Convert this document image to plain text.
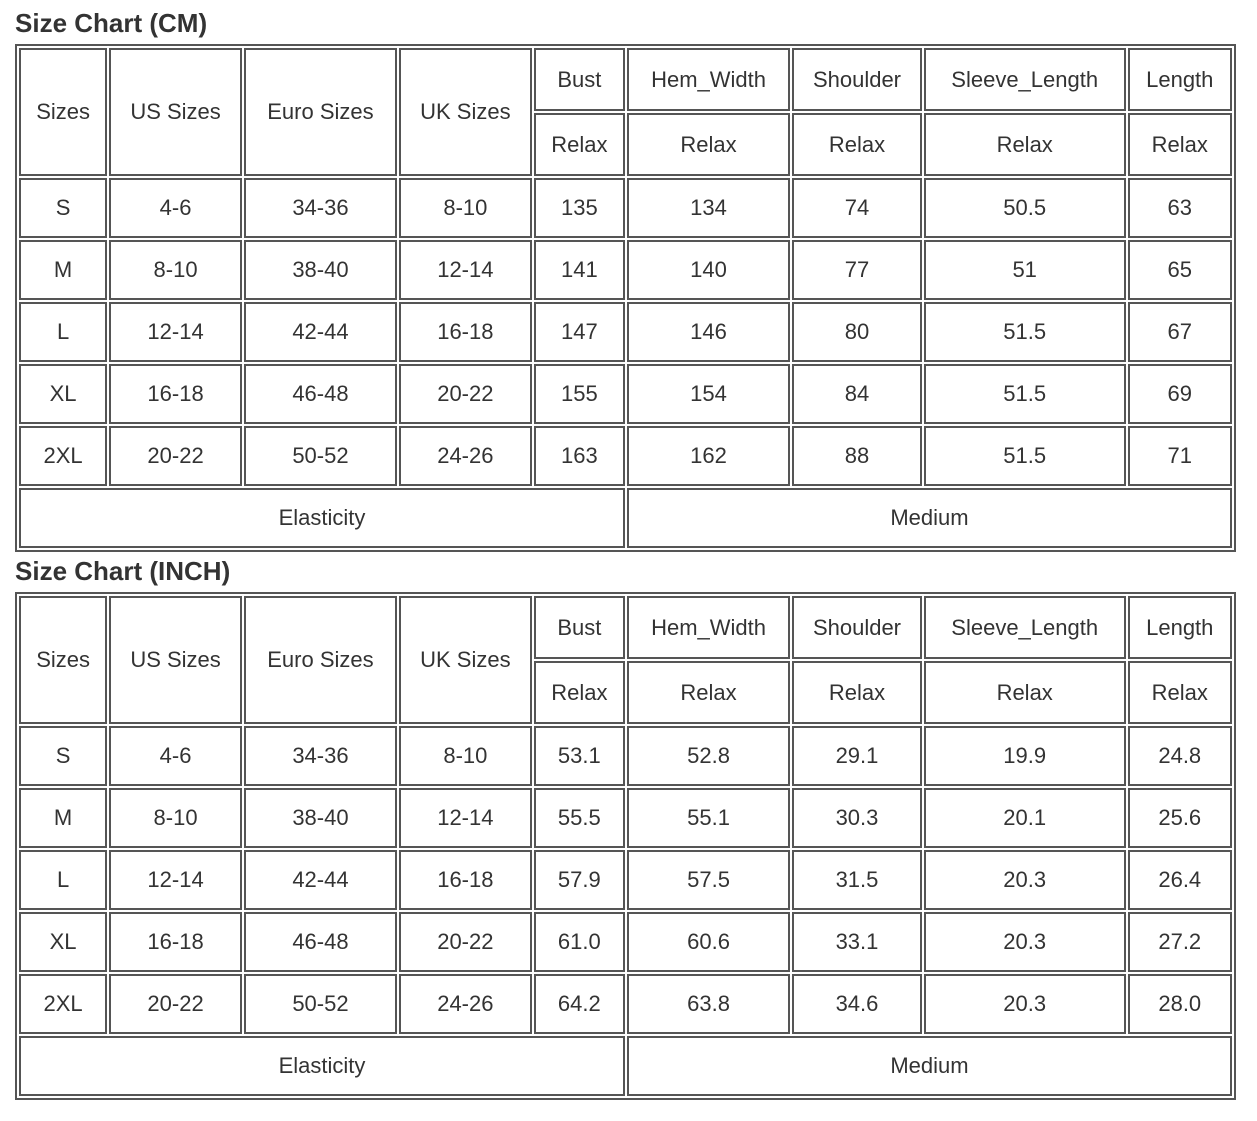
Size Chart (CM)
Sizes	US Sizes	Euro Sizes	UK Sizes	Bust	Hem_Width	Shoulder	Sleeve_Length	Length
				Relax	Relax	Relax	Relax	Relax
S	4-6	34-36	8-10	135	134	74	50.5	63
M	8-10	38-40	12-14	141	140	77	51	65
L	12-14	42-44	16-18	147	146	80	51.5	67
XL	16-18	46-48	20-22	155	154	84	51.5	69
2XL	20-22	50-52	24-26	163	162	88	51.5	71
Elasticity					Medium			
Size Chart (INCH)
Sizes	US Sizes	Euro Sizes	UK Sizes	Bust	Hem_Width	Shoulder	Sleeve_Length	Length
				Relax	Relax	Relax	Relax	Relax
S	4-6	34-36	8-10	53.1	52.8	29.1	19.9	24.8
M	8-10	38-40	12-14	55.5	55.1	30.3	20.1	25.6
L	12-14	42-44	16-18	57.9	57.5	31.5	20.3	26.4
XL	16-18	46-48	20-22	61.0	60.6	33.1	20.3	27.2
2XL	20-22	50-52	24-26	64.2	63.8	34.6	20.3	28.0
Elasticity					Medium			
